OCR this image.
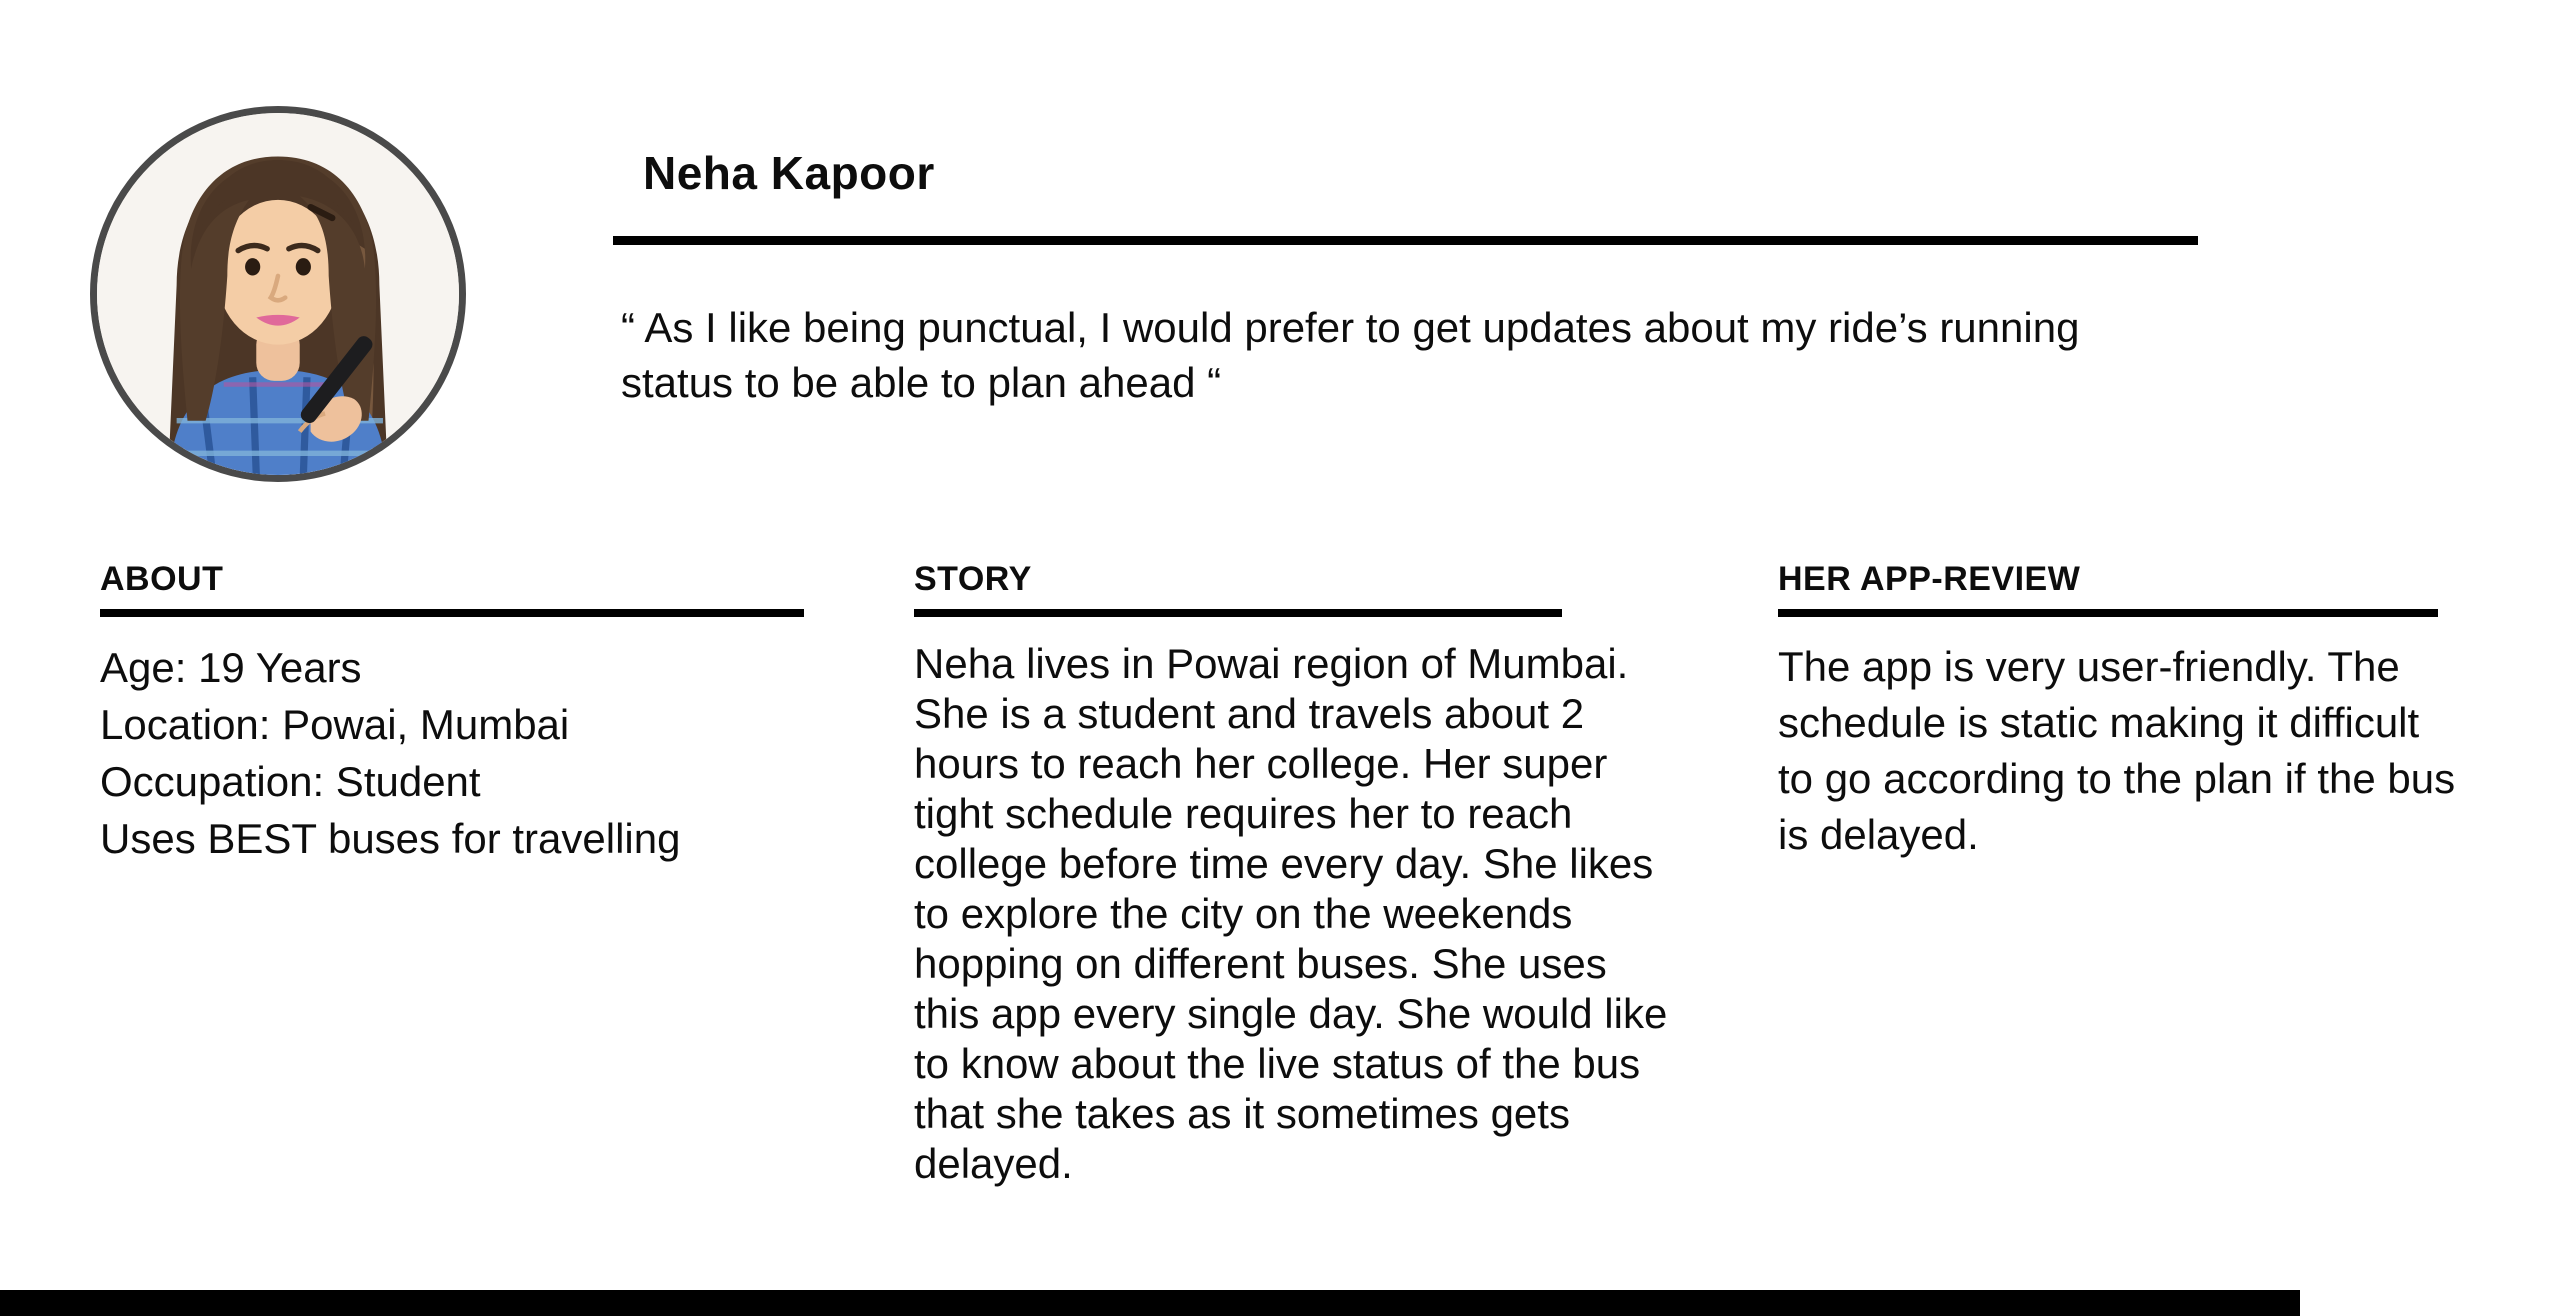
Neha Kapoor
“ As I like being punctual, I would prefer to get updates about my ride’s running status to be able to plan ahead “
ABOUT
Age: 19 Years
Location: Powai, Mumbai
Occupation: Student
Uses BEST buses for travelling
STORY
Neha lives in Powai region of Mumbai. She is a student and travels about 2 hours to reach her college. Her super tight schedule requires her to reach college before time every day. She likes to explore the city on the weekends hopping on different buses. She uses this app every single day. She would like to know about the live status of the bus that she takes as it sometimes gets delayed.
HER APP-REVIEW
The app is very user-friendly. The schedule is static making it difficult to go according to the plan if the bus is delayed.
